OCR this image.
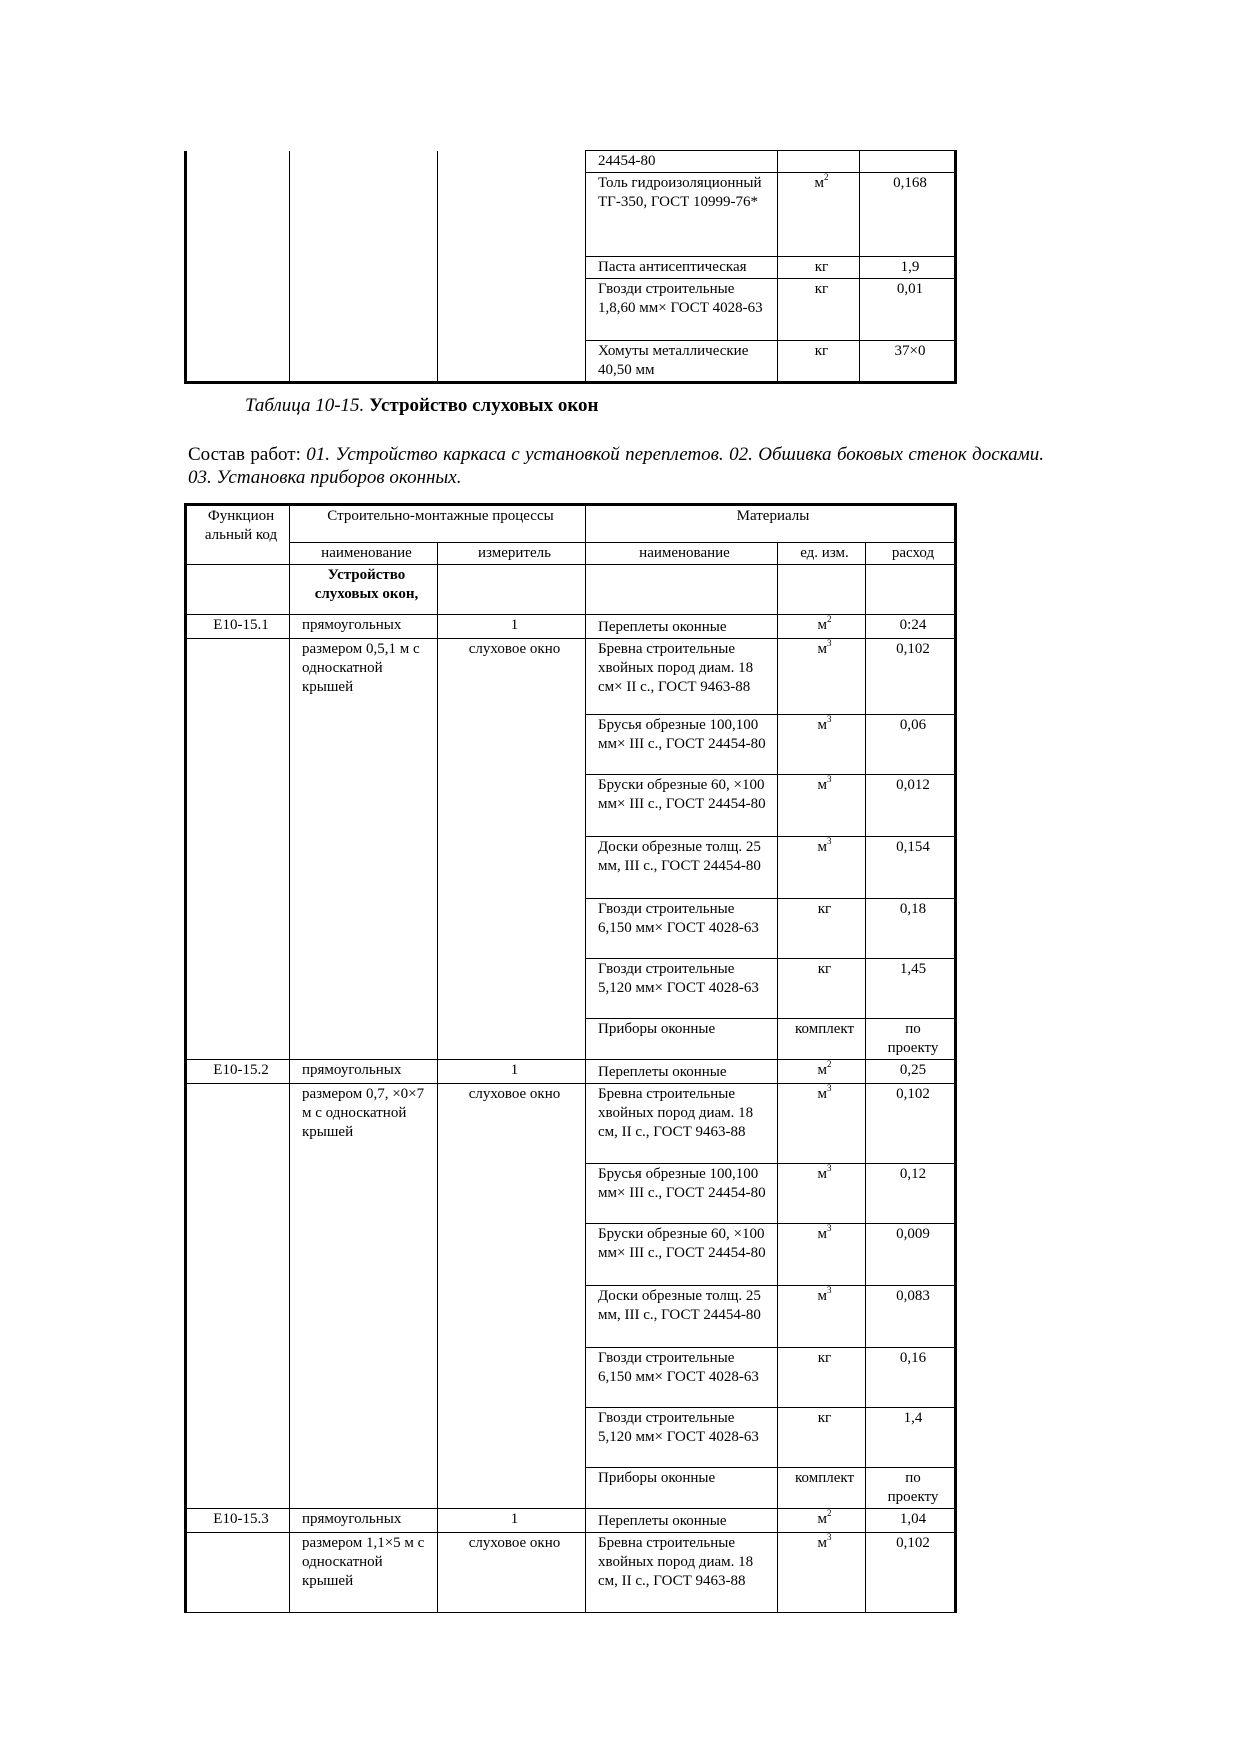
			24454-80		
			Толь гидроизоляционный ТГ-350, ГОСТ 10999-76*	$м^2$	0,168
			Паста антисептическая	кг	1,9
			Гвозди строительные 1,8,60 мм× ГОСТ 4028-63	кг	0,01
			Хомуты металлические 40,50 мм	кг	37×0
Таблица 10-15. Устройство слуховых окон
Состав работ: 01. Устройство каркаса с установкой переплетов. 02. Обшивка боковых стенок досками. 03. Установка приборов оконных.
Функцион альный код	Строительно-монтажные процессы		Материалы		
	наименование	измеритель	наименование	ед. изм.	расход
	Устройство слуховых окон,				
Е10-15.1	прямоугольных	1	Переплеты оконные	$м^2$	0:24
	размером 0,5,1 м с односкатной крышей	слуховое окно	Бревна строительные хвойных пород диам. 18 см× II с., ГОСТ 9463-88	$м^3$	0,102
			Брусья обрезные 100,100 мм× III с., ГОСТ 24454-80	$м^3$	0,06
			Бруски обрезные 60, ×100 мм× III с., ГОСТ 24454-80	$м^3$	0,012
			Доски обрезные толщ. 25 мм, III с., ГОСТ 24454-80	$м^3$	0,154
			Гвозди строительные 6,150 мм× ГОСТ 4028-63	кг	0,18
			Гвозди строительные 5,120 мм× ГОСТ 4028-63	кг	1,45
			Приборы оконные	комплект	по проекту
Е10-15.2	прямоугольных	1	Переплеты оконные	$м^2$	0,25
	размером 0,7, ×0×7 м с односкатной крышей	слуховое окно	Бревна строительные хвойных пород диам. 18 см, II с., ГОСТ 9463-88	$м^3$	0,102
			Брусья обрезные 100,100 мм× III с., ГОСТ 24454-80	$м^3$	0,12
			Бруски обрезные 60, ×100 мм× III с., ГОСТ 24454-80	$м^3$	0,009
			Доски обрезные толщ. 25 мм, III с., ГОСТ 24454-80	$м^3$	0,083
			Гвозди строительные 6,150 мм× ГОСТ 4028-63	кг	0,16
			Гвозди строительные 5,120 мм× ГОСТ 4028-63	кг	1,4
			Приборы оконные	комплект	по проекту
Е10-15.3	прямоугольных	1	Переплеты оконные	$м^2$	1,04
	размером 1,1×5 м с односкатной крышей	слуховое окно	Бревна строительные хвойных пород диам. 18 см, II с., ГОСТ 9463-88	$м^3$	0,102
